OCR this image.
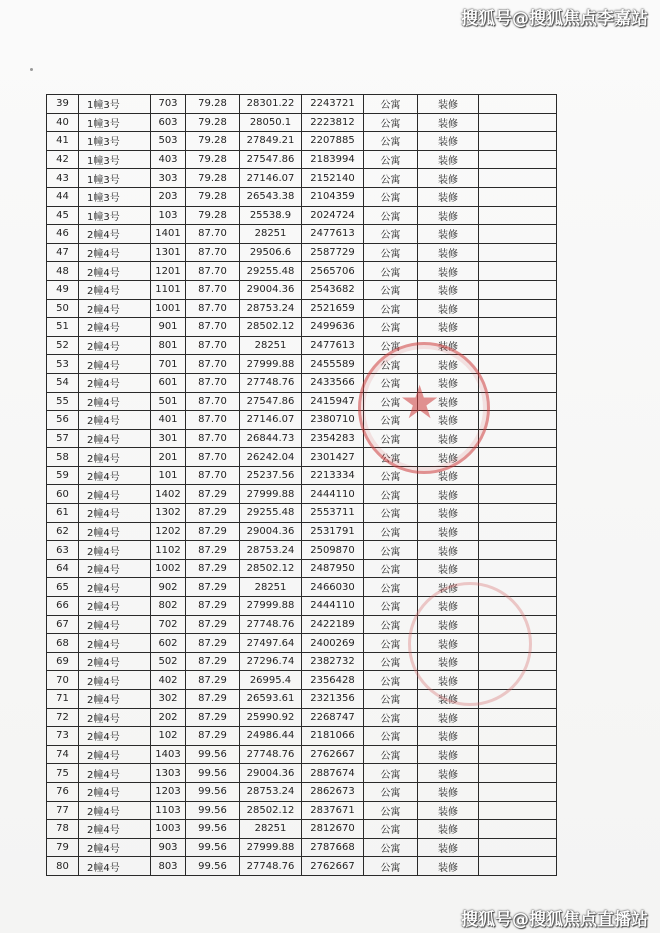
搜狐号@搜狐焦点李嘉站
39	1幢3号	703	79.28	28301.22	2243721	公寓	装修	
40	1幢3号	603	79.28	28050.1	2223812	公寓	装修	
41	1幢3号	503	79.28	27849.21	2207885	公寓	装修	
42	1幢3号	403	79.28	27547.86	2183994	公寓	装修	
43	1幢3号	303	79.28	27146.07	2152140	公寓	装修	
44	1幢3号	203	79.28	26543.38	2104359	公寓	装修	
45	1幢3号	103	79.28	25538.9	2024724	公寓	装修	
46	2幢4号	1401	87.70	28251	2477613	公寓	装修	
47	2幢4号	1301	87.70	29506.6	2587729	公寓	装修	
48	2幢4号	1201	87.70	29255.48	2565706	公寓	装修	
49	2幢4号	1101	87.70	29004.36	2543682	公寓	装修	
50	2幢4号	1001	87.70	28753.24	2521659	公寓	装修	
51	2幢4号	901	87.70	28502.12	2499636	公寓	装修	
52	2幢4号	801	87.70	28251	2477613	公寓	装修	
53	2幢4号	701	87.70	27999.88	2455589	公寓	装修	
54	2幢4号	601	87.70	27748.76	2433566	公寓	装修	
55	2幢4号	501	87.70	27547.86	2415947	公寓	装修	
56	2幢4号	401	87.70	27146.07	2380710	公寓	装修	
57	2幢4号	301	87.70	26844.73	2354283	公寓	装修	
58	2幢4号	201	87.70	26242.04	2301427	公寓	装修	
59	2幢4号	101	87.70	25237.56	2213334	公寓	装修	
60	2幢4号	1402	87.29	27999.88	2444110	公寓	装修	
61	2幢4号	1302	87.29	29255.48	2553711	公寓	装修	
62	2幢4号	1202	87.29	29004.36	2531791	公寓	装修	
63	2幢4号	1102	87.29	28753.24	2509870	公寓	装修	
64	2幢4号	1002	87.29	28502.12	2487950	公寓	装修	
65	2幢4号	902	87.29	28251	2466030	公寓	装修	
66	2幢4号	802	87.29	27999.88	2444110	公寓	装修	
67	2幢4号	702	87.29	27748.76	2422189	公寓	装修	
68	2幢4号	602	87.29	27497.64	2400269	公寓	装修	
69	2幢4号	502	87.29	27296.74	2382732	公寓	装修	
70	2幢4号	402	87.29	26995.4	2356428	公寓	装修	
71	2幢4号	302	87.29	26593.61	2321356	公寓	装修	
72	2幢4号	202	87.29	25990.92	2268747	公寓	装修	
73	2幢4号	102	87.29	24986.44	2181066	公寓	装修	
74	2幢4号	1403	99.56	27748.76	2762667	公寓	装修	
75	2幢4号	1303	99.56	29004.36	2887674	公寓	装修	
76	2幢4号	1203	99.56	28753.24	2862673	公寓	装修	
77	2幢4号	1103	99.56	28502.12	2837671	公寓	装修	
78	2幢4号	1003	99.56	28251	2812670	公寓	装修	
79	2幢4号	903	99.56	27999.88	2787668	公寓	装修	
80	2幢4号	803	99.56	27748.76	2762667	公寓	装修	
★
搜狐号@搜狐焦点直播站
